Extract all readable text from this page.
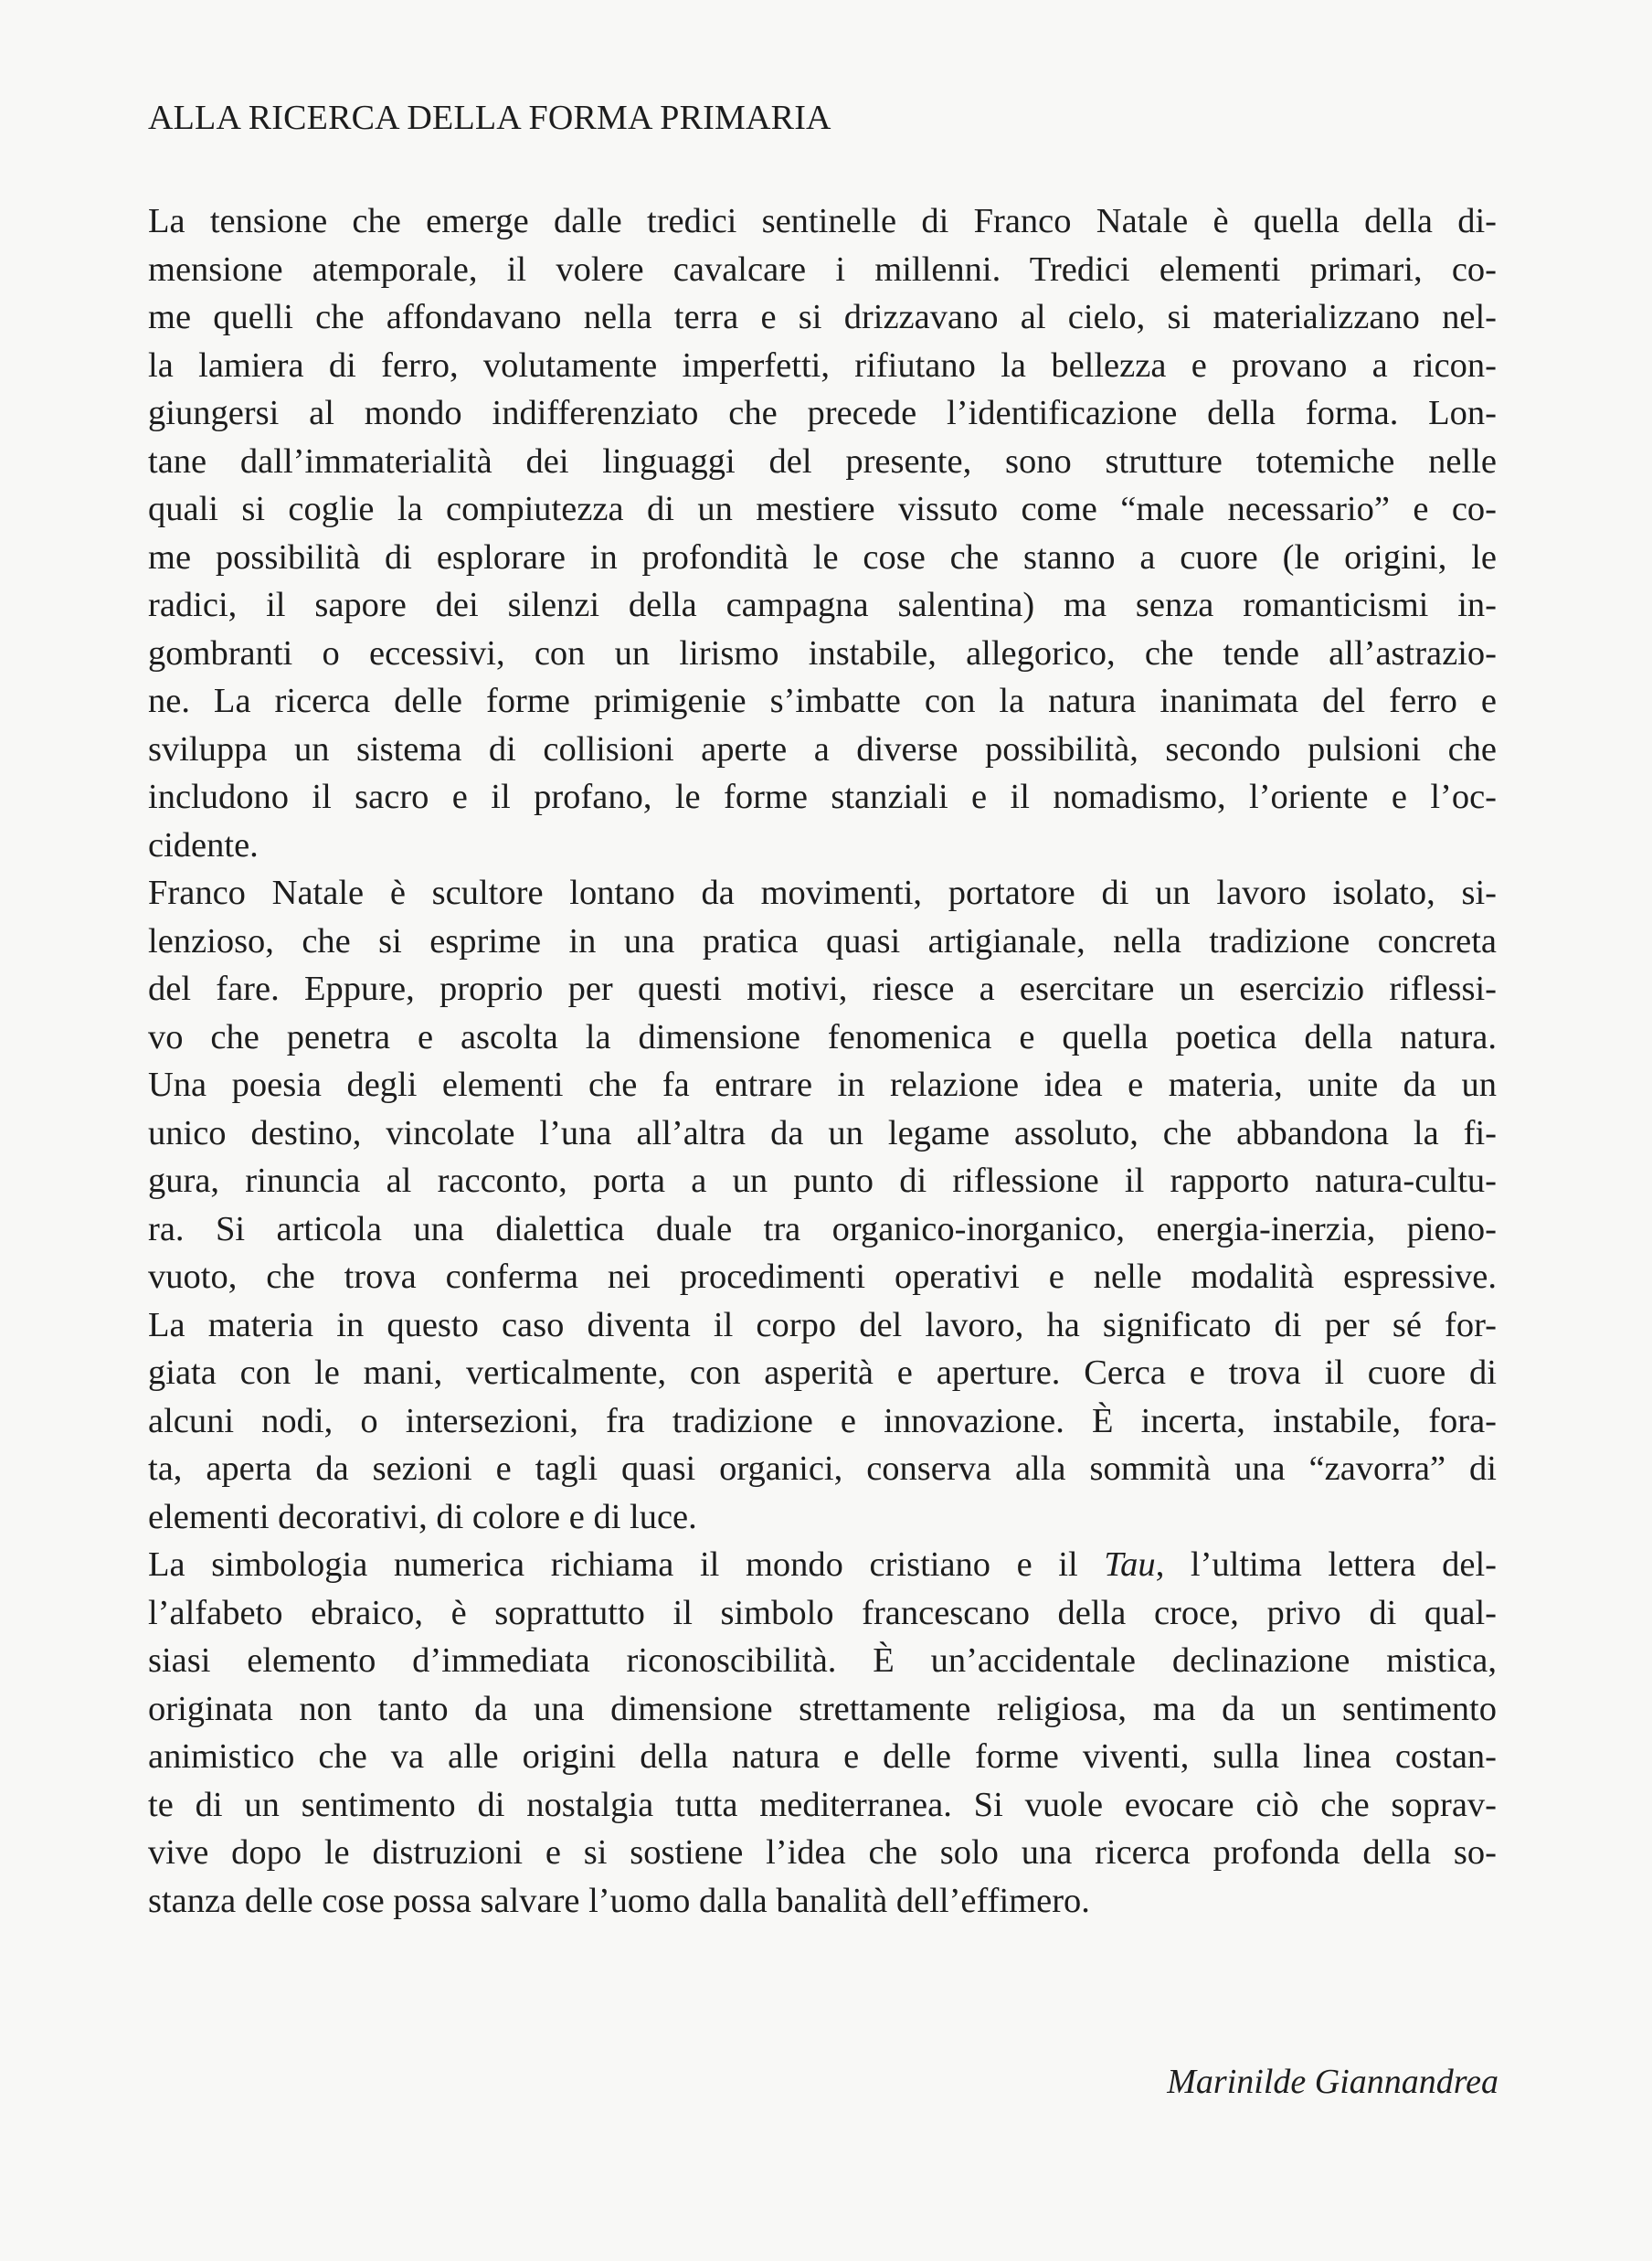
ALLA RICERCA DELLA FORMA PRIMARIA
La tensione che emerge dalle tredici sentinelle di Franco Natale è quella della di-
mensione atemporale, il volere cavalcare i millenni. Tredici elementi primari, co-
me quelli che affondavano nella terra e si drizzavano al cielo, si materializzano nel-
la lamiera di ferro, volutamente imperfetti, rifiutano la bellezza e provano a ricon-
giungersi al mondo indifferenziato che precede l’identificazione della forma. Lon-
tane dall’immaterialità dei linguaggi del presente, sono strutture totemiche nelle
quali si coglie la compiutezza di un mestiere vissuto come “male necessario” e co-
me possibilità di esplorare in profondità le cose che stanno a cuore (le origini, le
radici, il sapore dei silenzi della campagna salentina) ma senza romanticismi in-
gombranti o eccessivi, con un lirismo instabile, allegorico, che tende all’astrazio-
ne. La ricerca delle forme primigenie s’imbatte con la natura inanimata del ferro e
sviluppa un sistema di collisioni aperte a diverse possibilità, secondo pulsioni che
includono il sacro e il profano, le forme stanziali e il nomadismo, l’oriente e l’oc-
cidente.
Franco Natale è scultore lontano da movimenti, portatore di un lavoro isolato, si-
lenzioso, che si esprime in una pratica quasi artigianale, nella tradizione concreta
del fare. Eppure, proprio per questi motivi, riesce a esercitare un esercizio riflessi-
vo che penetra e ascolta la dimensione fenomenica e quella poetica della natura.
Una poesia degli elementi che fa entrare in relazione idea e materia, unite da un
unico destino, vincolate l’una all’altra da un legame assoluto, che abbandona la fi-
gura, rinuncia al racconto, porta a un punto di riflessione il rapporto natura-cultu-
ra. Si articola una dialettica duale tra organico-inorganico, energia-inerzia, pieno-
vuoto, che trova conferma nei procedimenti operativi e nelle modalità espressive.
La materia in questo caso diventa il corpo del lavoro, ha significato di per sé for-
giata con le mani, verticalmente, con asperità e aperture. Cerca e trova il cuore di
alcuni nodi, o intersezioni, fra tradizione e innovazione. È incerta, instabile, fora-
ta, aperta da sezioni e tagli quasi organici, conserva alla sommità una “zavorra” di
elementi decorativi, di colore e di luce.
La simbologia numerica richiama il mondo cristiano e il Tau, l’ultima lettera del-
l’alfabeto ebraico, è soprattutto il simbolo francescano della croce, privo di qual-
siasi elemento d’immediata riconoscibilità. È un’accidentale declinazione mistica,
originata non tanto da una dimensione strettamente religiosa, ma da un sentimento
animistico che va alle origini della natura e delle forme viventi, sulla linea costan-
te di un sentimento di nostalgia tutta mediterranea. Si vuole evocare ciò che soprav-
vive dopo le distruzioni e si sostiene l’idea che solo una ricerca profonda della so-
stanza delle cose possa salvare l’uomo dalla banalità dell’effimero.
Marinilde Giannandrea
